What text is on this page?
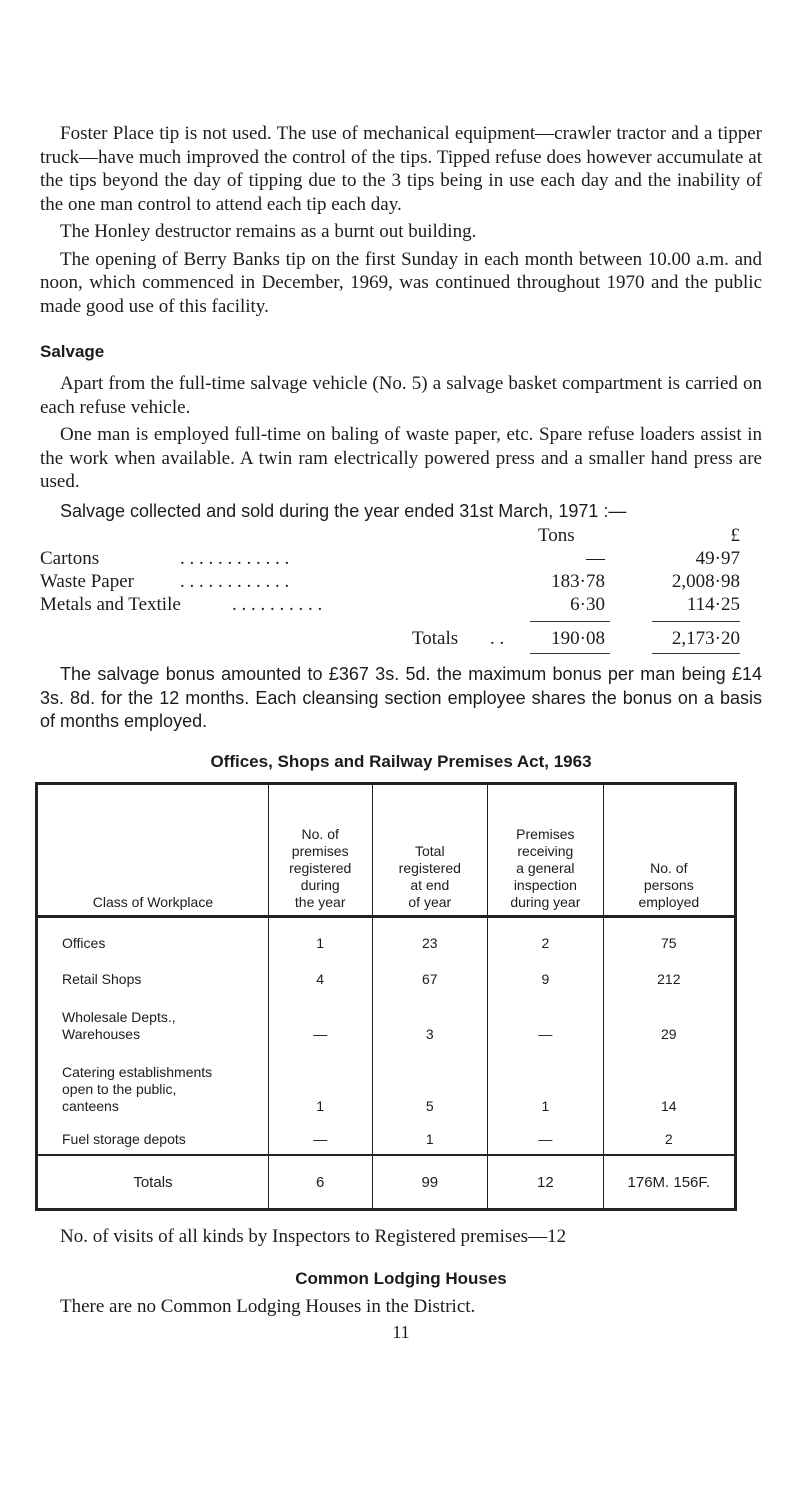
Foster Place tip is not used. The use of mechanical equipment—crawler tractor and a tipper truck—have much improved the control of the tips. Tipped refuse does however accumulate at the tips beyond the day of tipping due to the 3 tips being in use each day and the inability of the one man control to attend each tip each day.

The Honley destructor remains as a burnt out building.

The opening of Berry Banks tip on the first Sunday in each month between 10.00 a.m. and noon, which commenced in December, 1969, was continued throughout 1970 and the public made good use of this facility.

Salvage

Apart from the full-time salvage vehicle (No. 5) a salvage basket compartment is carried on each refuse vehicle.

One man is employed full-time on baling of waste paper, etc. Spare refuse loaders assist in the work when available. A twin ram electrically powered press and a smaller hand press are used.

Salvage collected and sold during the year ended 31st March, 1971 :—

Tons	£
Cartons	. . . . . . . . . . . .	—	49·97
Waste Paper . . . . . . . . . . . .	183·78	2,008·98
Metals and Textile	. . . . . . . . . .	6·30	114·25
Totals . .	190·08	2,173·20

The salvage bonus amounted to £367 3s. 5d. the maximum bonus per man being £14 3s. 8d. for the 12 months. Each cleansing section employee shares the bonus on a basis of months employed.

Offices, Shops and Railway Premises Act, 1963
Class of Workplace	No. of
premises
registered
during
the year	Total
registered
at end
of year	Premises
receiving
a general
inspection
during year	No. of
persons
employed
Offices	1	23	2	75
Retail Shops	4	67	9	212
Wholesale Depts.,
Warehouses	—	3	—	29
Catering establishments
open to the public,
canteens	1	5	1	14
Fuel storage depots	—	1	—	2
Totals	6	99	12	176M. 156F.

No. of visits of all kinds by Inspectors to Registered premises—12

Common Lodging Houses

There are no Common Lodging Houses in the District.

11
